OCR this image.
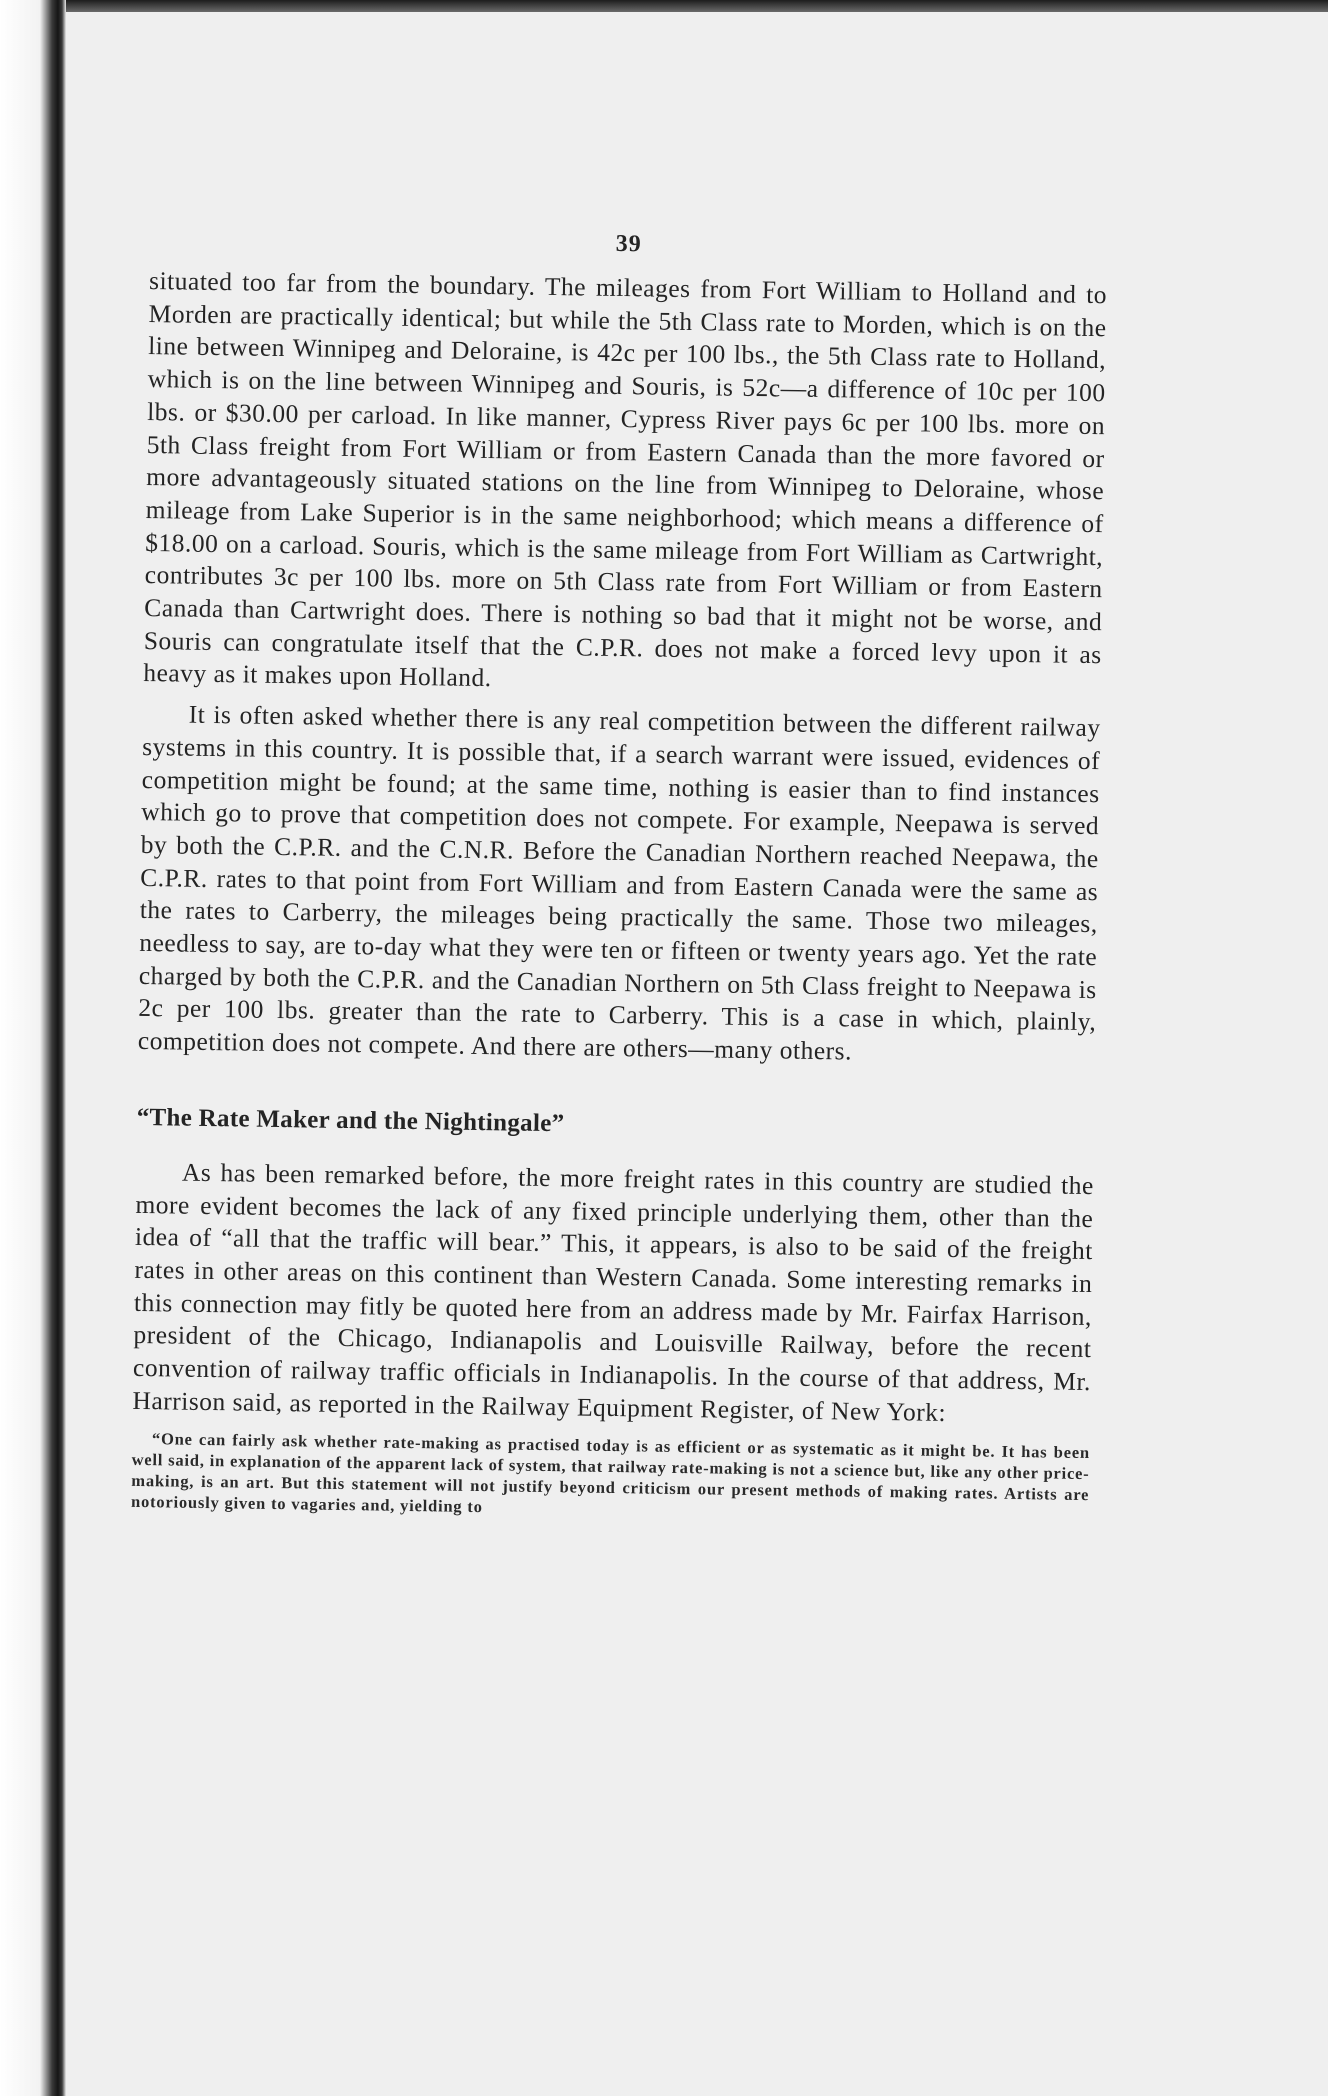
39

situated too far from the boundary. The mileages from Fort William to Holland and to Morden are practically identical; but while the 5th Class rate to Morden, which is on the line between Winnipeg and Deloraine, is 42c per 100 lbs., the 5th Class rate to Holland, which is on the line between Winnipeg and Souris, is 52c—a difference of 10c per 100 lbs. or $30.00 per carload. In like manner, Cypress River pays 6c per 100 lbs. more on 5th Class freight from Fort William or from Eastern Canada than the more favored or more advantageously situated stations on the line from Winnipeg to Deloraine, whose mileage from Lake Superior is in the same neighborhood; which means a difference of $18.00 on a carload. Souris, which is the same mileage from Fort William as Cartwright, contributes 3c per 100 lbs. more on 5th Class rate from Fort William or from Eastern Canada than Cartwright does. There is nothing so bad that it might not be worse, and Souris can congratulate itself that the C.P.R. does not make a forced levy upon it as heavy as it makes upon Holland.

It is often asked whether there is any real competition between the different railway systems in this country. It is possible that, if a search warrant were issued, evidences of competition might be found; at the same time, nothing is easier than to find instances which go to prove that competition does not compete. For example, Neepawa is served by both the C.P.R. and the C.N.R. Before the Canadian Northern reached Neepawa, the C.P.R. rates to that point from Fort William and from Eastern Canada were the same as the rates to Carberry, the mileages being practically the same. Those two mileages, needless to say, are to-day what they were ten or fifteen or twenty years ago. Yet the rate charged by both the C.P.R. and the Canadian Northern on 5th Class freight to Neepawa is 2c per 100 lbs. greater than the rate to Carberry. This is a case in which, plainly, competition does not compete. And there are others—many others.

“The Rate Maker and the Nightingale”

As has been remarked before, the more freight rates in this country are studied the more evident becomes the lack of any fixed principle underlying them, other than the idea of “all that the traffic will bear.” This, it appears, is also to be said of the freight rates in other areas on this continent than Western Canada. Some interesting remarks in this connection may fitly be quoted here from an address made by Mr. Fairfax Harrison, president of the Chicago, Indianapolis and Louisville Railway, before the recent convention of railway traffic officials in Indianapolis. In the course of that address, Mr. Harrison said, as reported in the Railway Equipment Register, of New York:

“One can fairly ask whether rate-making as practised today is as efficient or as systematic as it might be. It has been well said, in explanation of the apparent lack of system, that railway rate-making is not a science but, like any other price-making, is an art. But this statement will not justify beyond criticism our present methods of making rates. Artists are notoriously given to vagaries and, yielding to
